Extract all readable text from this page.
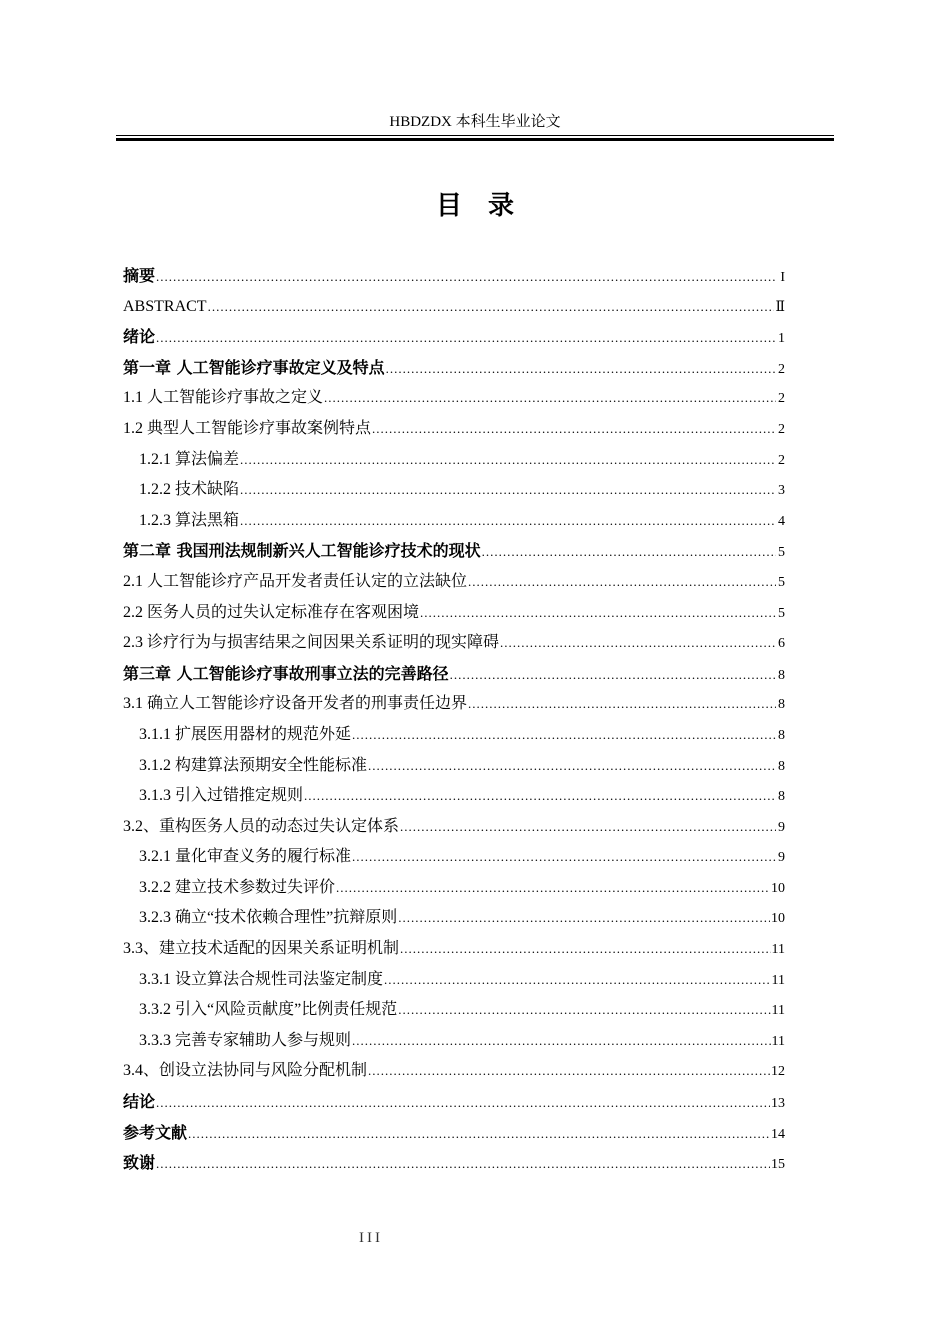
HBDZDX 本科生毕业论文
目录
摘要 .....	I
ABSTRACT .....	Ⅱ
绪论 .....	1
第一章 人工智能诊疗事故定义及特点 .....	2
1.1 人工智能诊疗事故之定义 .....	2
1.2 典型人工智能诊疗事故案例特点 .....	2
1.2.1 算法偏差 .....	2
1.2.2 技术缺陷 .....	3
1.2.3 算法黑箱 .....	4
第二章 我国刑法规制新兴人工智能诊疗技术的现状 .....	5
2.1 人工智能诊疗产品开发者责任认定的立法缺位 .....	5
2.2 医务人员的过失认定标准存在客观困境 .....	5
2.3 诊疗行为与损害结果之间因果关系证明的现实障碍 .....	6
第三章 人工智能诊疗事故刑事立法的完善路径 .....	8
3.1 确立人工智能诊疗设备开发者的刑事责任边界 .....	8
3.1.1 扩展医用器材的规范外延 .....	8
3.1.2 构建算法预期安全性能标准 .....	8
3.1.3 引入过错推定规则 .....	8
3.2、重构医务人员的动态过失认定体系 .....	9
3.2.1 量化审查义务的履行标准 .....	9
3.2.2 建立技术参数过失评价 .....	10
3.2.3 确立“技术依赖合理性”抗辩原则 .....	10
3.3、建立技术适配的因果关系证明机制 .....	11
3.3.1 设立算法合规性司法鉴定制度 .....	11
3.3.2 引入“风险贡献度”比例责任规范 .....	11
3.3.3 完善专家辅助人参与规则 .....	11
3.4、创设立法协同与风险分配机制 .....	12
结论 .....	13
参考文献 .....	14
致谢 .....	15
III
